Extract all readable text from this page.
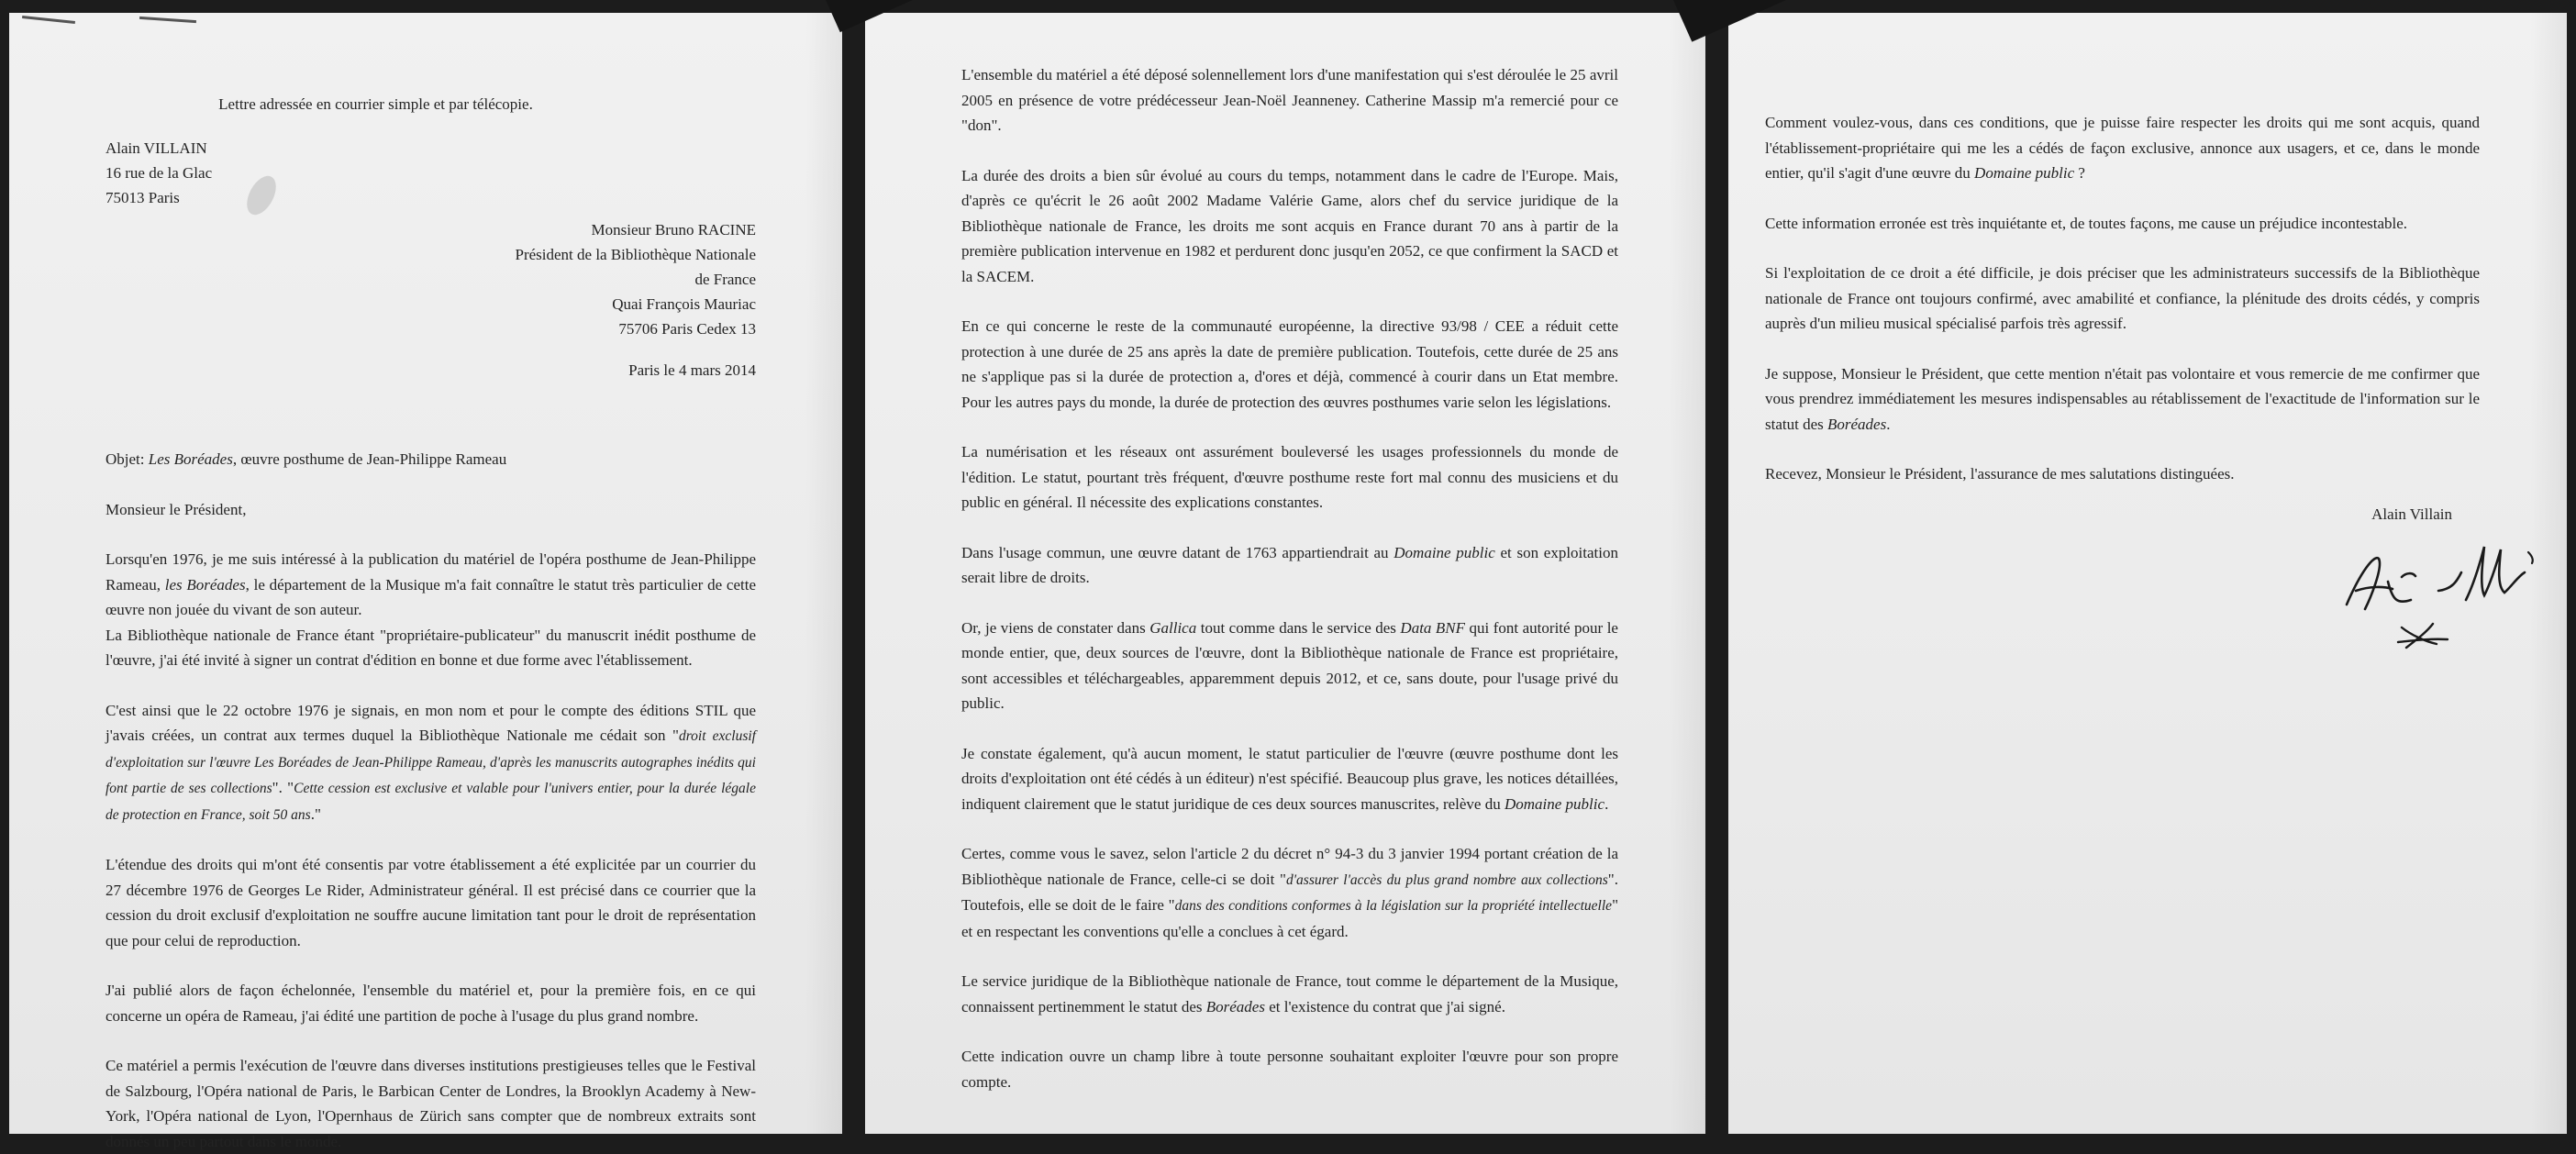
Lettre adressée en courrier simple et par télécopie.

Alain VILLAIN

16 rue de la Glac

75013 Paris

Monsieur Bruno RACINE

Président de la Bibliothèque Nationale

de France

Quai François Mauriac

75706 Paris Cedex 13

Paris le 4 mars 2014

Objet: Les Boréades, œuvre posthume de Jean-Philippe Rameau

Monsieur le Président,

Lorsqu'en 1976, je me suis intéressé à la publication du matériel de l'opéra posthume de Jean-Philippe Rameau, les Boréades, le département de la Musique m'a fait connaître le statut très particulier de cette œuvre non jouée du vivant de son auteur.

La Bibliothèque nationale de France étant "propriétaire-publicateur" du manuscrit inédit posthume de l'œuvre, j'ai été invité à signer un contrat d'édition en bonne et due forme avec l'établissement.

C'est ainsi que le 22 octobre 1976 je signais, en mon nom et pour le compte des éditions STIL que j'avais créées, un contrat aux termes duquel la Bibliothèque Nationale me cédait son "droit exclusif d'exploitation sur l'œuvre Les Boréades de Jean-Philippe Rameau, d'après les manuscrits autographes inédits qui font partie de ses collections". "Cette cession est exclusive et valable pour l'univers entier, pour la durée légale de protection en France, soit 50 ans."

L'étendue des droits qui m'ont été consentis par votre établissement a été explicitée par un courrier du 27 décembre 1976 de Georges Le Rider, Administrateur général. Il est précisé dans ce courrier que la cession du droit exclusif d'exploitation ne souffre aucune limitation tant pour le droit de représentation que pour celui de reproduction.

J'ai publié alors de façon échelonnée, l'ensemble du matériel et, pour la première fois, en ce qui concerne un opéra de Rameau, j'ai édité une partition de poche à l'usage du plus grand nombre.

Ce matériel a permis l'exécution de l'œuvre dans diverses institutions prestigieuses telles que le Festival de Salzbourg, l'Opéra national de Paris, le Barbican Center de Londres, la Brooklyn Academy à New-York, l'Opéra national de Lyon, l'Opernhaus de Zürich sans compter que de nombreux extraits sont donnés un peu partout dans le monde.

L'ensemble du matériel a été déposé solennellement lors d'une manifestation qui s'est déroulée le 25 avril 2005 en présence de votre prédécesseur Jean-Noël Jeanneney. Catherine Massip m'a remercié pour ce "don".

La durée des droits a bien sûr évolué au cours du temps, notamment dans le cadre de l'Europe. Mais, d'après ce qu'écrit le 26 août 2002 Madame Valérie Game, alors chef du service juridique de la Bibliothèque nationale de France, les droits me sont acquis en France durant 70 ans à partir de la première publication intervenue en 1982 et perdurent donc jusqu'en 2052, ce que confirment la SACD et la SACEM.

En ce qui concerne le reste de la communauté européenne, la directive 93/98 / CEE a réduit cette protection à une durée de 25 ans après la date de première publication. Toutefois, cette durée de 25 ans ne s'applique pas si la durée de protection a, d'ores et déjà, commencé à courir dans un Etat membre. Pour les autres pays du monde, la durée de protection des œuvres posthumes varie selon les législations.

La numérisation et les réseaux ont assurément bouleversé les usages professionnels du monde de l'édition. Le statut, pourtant très fréquent, d'œuvre posthume reste fort mal connu des musiciens et du public en général. Il nécessite des explications constantes.

Dans l'usage commun, une œuvre datant de 1763 appartiendrait au Domaine public et son exploitation serait libre de droits.

Or, je viens de constater dans Gallica tout comme dans le service des Data BNF qui font autorité pour le monde entier, que, deux sources de l'œuvre, dont la Bibliothèque nationale de France est propriétaire, sont accessibles et téléchargeables, apparemment depuis 2012, et ce, sans doute, pour l'usage privé du public.

Je constate également, qu'à aucun moment, le statut particulier de l'œuvre (œuvre posthume dont les droits d'exploitation ont été cédés à un éditeur) n'est spécifié. Beaucoup plus grave, les notices détaillées, indiquent clairement que le statut juridique de ces deux sources manuscrites, relève du Domaine public.

Certes, comme vous le savez, selon l'article 2 du décret n° 94-3 du 3 janvier 1994 portant création de la Bibliothèque nationale de France, celle-ci se doit "d'assurer l'accès du plus grand nombre aux collections". Toutefois, elle se doit de le faire "dans des conditions conformes à la législation sur la propriété intellectuelle" et en respectant les conventions qu'elle a conclues à cet égard.

Le service juridique de la Bibliothèque nationale de France, tout comme le département de la Musique, connaissent pertinemment le statut des Boréades et l'existence du contrat que j'ai signé.

Cette indication ouvre un champ libre à toute personne souhaitant exploiter l'œuvre pour son propre compte.

Comment voulez-vous, dans ces conditions, que je puisse faire respecter les droits qui me sont acquis, quand l'établissement-propriétaire qui me les a cédés de façon exclusive, annonce aux usagers, et ce, dans le monde entier, qu'il s'agit d'une œuvre du Domaine public ?

Cette information erronée est très inquiétante et, de toutes façons, me cause un préjudice incontestable.

Si l'exploitation de ce droit a été difficile, je dois préciser que les administrateurs successifs de la Bibliothèque nationale de France ont toujours confirmé, avec amabilité et confiance, la plénitude des droits cédés, y compris auprès d'un milieu musical spécialisé parfois très agressif.

Je suppose, Monsieur le Président, que cette mention n'était pas volontaire et vous remercie de me confirmer que vous prendrez immédiatement les mesures indispensables au rétablissement de l'exactitude de l'information sur le statut des Boréades.

Recevez, Monsieur le Président, l'assurance de mes salutations distinguées.

Alain Villain
